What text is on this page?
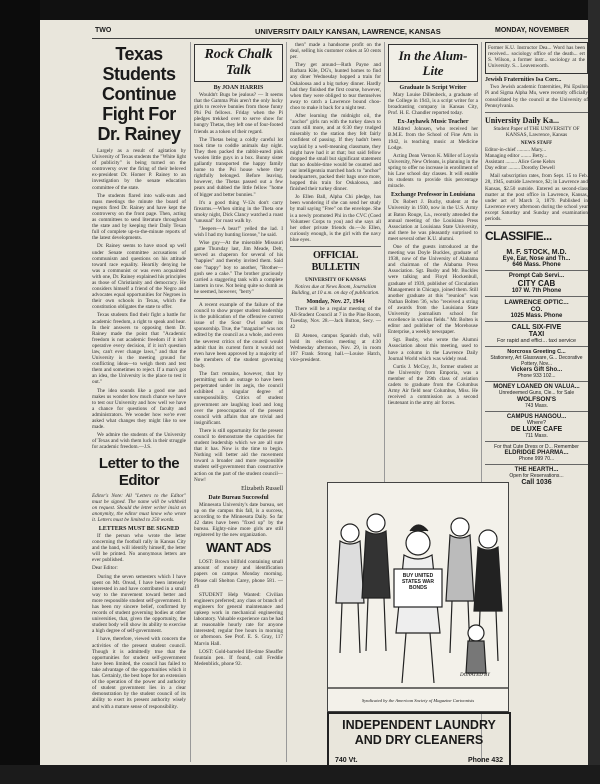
TWO	UNIVERSITY DAILY KANSAN, LAWRENCE, KANSAS	MONDAY, NOVEMBER
Texas Students Continue Fight For Dr. Rainey

Largely as a result of agitation by University of Texas students the "White light of publicity" is being turned on the controversy over the firing of their beloved ex-president Dr. Homer P. Rainey to an investigation by the senate education committee of the state.

The students flared into walk-outs and mass meetings the minute the board of regents fired Dr. Rainey and have kept the controversy on the front page. Then, acting as committees to send literature throughout the state and by keeping their Daily Texan full of complete up-to-the-minute reports of the latest developments.

Dr. Rainey seems to have stood up well under Senate committee accusations of communism and questions on his attitude toward race equality. Heartily denying he was a communist or was even acquainted with one, Dr. Rainey explained his principles as those of Christianity and democracy. He considers himself a friend of the Negro and advocates equal opportunities for Negroes in their own schools in Texas, which the constitution obligates the state to offer.

Texas students find their fight a battle for academic freedom, a right to speak and hear. In their answers to opposing them Dr. Rainey made the point that "Academic freedom is not academic freedom if it isn't operative every decision, if it isn't question law, can't ever change laws," and that the University is the meeting ground for conflicting ideas—to weigh them and test them and sometimes to reject. If a man's got an idea, the University is the place to test it out."

The idea sounds like a good one and makes us wonder how much chance we have to test our University and how well we have a chance for questions of faculty and administrators. We wonder how we're ever asked what changes they might like to see made.

We admire the students of the University of Texas and wish them luck in their struggle for academic freedom.—J.S.

Letter to the Editor

Editor's Note: All "Letters to the Editor" must be signed. The name will be withheld on request. Should the letter writer insist on anonymity, the editor must know who wrote it. Letters must be limited to 250 words.

LETTERS MUST BE SIGNED

If the person who wrote the letter concerning the football rally in Kansas City and the band, will identify himself, the letter will be printed. No anonymous letters are ever published.

Dear Editor:

During the seven semesters which I have spent on Mt. Oread, I have been intensely interested in and have contributed in a small way to the movement toward better and more responsible student self-government. It has been my sincere belief, confirmed by records of student governing bodies at other universities, that, given the opportunity, the student body will show its ability to exercise a high degree of self-government.

I have, therefore, viewed with concern the activities of the present student council. Though it is admittedly true that the opportunities for student self-government have been limited, the council has failed to take advantage of the opportunities which it has. Certainly, the best hope for an extension of the operation of the power and authority of student government lies in a clear demonstration by the student council of its ability to exert its present authority wisely and with a mature sense of responsibility.

Rock Chalk Talk
By JOAN HARRIS

Wouldn't Bugs be jealous? — It seems that the Gamma Phis aren't the only lucky girls to receive bunnies from those funny Phi Psi fellows. Friday when the Pi pledges trekked over to serve show for hungry Thetas, they left one of four-footed friends as a token of their regard.

The Thetas being a coldly careful lot took time to coddle animals day night. They then packed the rabbit-eared pink woolen little guys in a box. Bunny sister gallantly transported the happy family home to the Psi house where they rightfully belonged. Before leaving, however, the Thetas passed out a few pears and dubbed the little fellow "home of bigger and better bunnies."

It's a good thing V-12s don't carry firearms.—When sitting in the Theta one smoky night, Dick Clancy watched a roast "unusual" for roast walk by.

"Jeepers—A bear!" yelled the lad. I wish I had my hunting license," he said.

Wise guy—At the miserable Missouri game Thursday last, Jim Meade, Delt, served as chaperon for several of his "happies" and thereby invited them. Said one "happy" boy to another, "Brother—gosh see a cake." The brother graciously carried a staggering tank with a complete lantern in tow. Not being quite so dumb as he seemed, however, "berry"

A recent example of the failure of the council to show proper student leadership is the publication of the offensive current issue of the Sour Owl under its sponsorship. True, the "magazine" was not edited by the council as a whole, and even the severest critics of the council would admit that its current form it would not even have been approved by a majority of the members of the student governing body.

The fact remains, however, that by permitting such an outrage to have been perpetrated under its aegis, the council exhibited a singular degree of unresponsibility. Critics of student government are laughing loud and long over the preoccupation of the present council with affairs that are trivial and insignificant.

There is still opportunity for the present council to demonstrate the capacities for student leadership which we are all sure that it has. Now is the time to begin. Nothing will better aid the movement toward a broader and more responsible student self-government than constructive action on the part of the student council—Now!

Elizabeth Russell
Date Bureau Successful

Minnesota University's date bureau, set up on the campus this fall, is a success, according to the Minnesota Daily. So far 42 dates have been "fixed up" by the bureau. Eighty-nine more girls are still registered by the new organization.

WANT ADS

LOST: Brown billfold containing small amount of money and identification papers on campus Monday morning. Please call Shelton Carey, phone 581. —49

STUDENT Help Wanted: Civilian engineers preferred; any class or branch of engineers for general maintenance and upkeep work in mechanical engineering laboratory. Valuable experience can be had at reasonable hourly rate for anyone interested; regular free hours in morning or afternoon. See Prof. E. S. Gray, 117 Marvin Hall.

LOST: Gold-barreled life-time Sheaffer fountain pen. If found, call Freddie Medenblick, phone 92.

then" made a handsome profit on the deal, selling his customer cokes at 50 cents per.

They get around—Ruth Payne and Barbara Kile, DG's, hunted homes to find any diner Wednesday hopped a train for Oskaloosa and a big turkey dinner. Hardly had they finished the first course, however, when they were obliged to tear themselves away to catch a Lawrence bound choo-choo to make it back for a night test.

After learning the midnight oil, the "anchor" girls ran with the turkey dawn to cram still more, and at 6:30 they trudged miserably to the station they felt fairly confident of passing. If they hadn't been waylaid by a well-meaning classmate, they might have had it at that; but said fellow dropped the small but significant statement that no double-time would be counted and our intelligentsia marched back to "anchor" headquarters, packed their bags once more, hopped this train for Oskaloosa, and finished their turkey dinner.

Jo Ellen Ball, Alpha Chi pledge, has been wondering if she can send her study by mail saying "Free" on the envelope. She is a newly promoted Phi in the CVC (Coed Volunteer Corps to you) and she says all her other private friends do.—Jo Ellen, curiously enough, is the girl with the navy blue eyes.

OFFICIAL BULLETIN
UNIVERSITY OF KANSAS

Notices due at News Room, Journalism Building, at 10 a.m. on day of publication.

Monday, Nov. 27, 1944

There will be a regular meeting of the All-Student Council at 7 in the Pine Room, Tuesday, Nov. 28.—Jack Button, Secy. —42

El Ateneo, campus Spanish club, will hold its election meeting at 4:30 Wednesday afternoon, Nov. 29, in room 107 Frank Strong hall.—Louise Hatch, vice-president.

In the Alum-Lite
Graduate Is Script Writer

Mary Louise Dillenbeck, a graduate of the College in 1943, is a script writer for a broadcasting company in Kansas City, Prof. H. E. Chandler reported today.

Ex-Jayhawk Music Teacher

Mildred Johnsen, who received her B.M.E. from the School of Fine Arts in 1942, is teaching music at Medicine Lodge.

Acting Dean Vernon K. Miller of Loyola University, New Orleans, is planning in the spring to offer no increase in enrollment of his Law school day classes. It will enable its students to provide this percentage miracle.

Exchange Professor in Louisiana

Dr. Robert J. Buchy, student at the University in 1930, now in the U.S. Army at Baton Rouge, La., recently attended the annual meeting of the Louisiana Press Association at Louisiana State University, and there he was pleasantly surprised to meet several other K.U. alumni.

One of the guests introduced at the meeting was Doyle Buckles, graduate of 1938, now of the University of Alabama and chairman of the Alabama Press Association. Sgt. Busby and Mr. Buckles were talking and Floyd Hockenbull, graduate of 1939, publisher of Circulation Management in Chicago, joined them. Still another graduate at this "reunion" was Nathan Bolten '36, who "received a string of awards from the Louisiana State University journalism school for excellence in various fields." Mr. Bolten is editor and publisher of the Morehouse Enterprise, a weekly newspaper.

Sgt. Busby, who wrote the Alumni Association about this meeting, used to have a column in the Lawrence Daily Journal World which was widely read.

Curtis J. McCoy, Jr., former student at the University from Emporia, was a member of the 29th class of aviation cadets to graduate from the Columbus Army Air field near Columbus, Miss. He received a commission as a second lieutenant in the army air forces.

Former K.U. Instructor Dea... Word has been received... sociology office of the death... ert S. Wilson, a former instr... sociology at the University. S... Leavenworth.

Jewish Fraternities Isa Corr...

Two Jewish academic fraternities, Phi Epsilon Pi and Sigma Alpha Mu, were recently officially consolidated by the council at the University of Pennsylvania.

University Daily Ka...

Student Paper of THE UNIVERSITY OF KANSAS, Lawrence, Kansas

NEWS STAFF

Editor-in-chief .......... Mary...

Managing editor ........ Betty...

Assistant ......... Alice Gene Kehrs

Day editor ......... Dorothy Dewell

Mail subscription rates, from Sept. 15 to Feb. 28, 1945, outside Lawrence, $2; in Lawrence and Kansas, $2.50 outside. Entered as second-class matter at the post office in Lawrence, Kansas, under act of March 3, 1879. Published in Lawrence every afternoon during the school year except Saturday and Sunday and examination periods.

CLASSIFIE...
M. F. STOCK, M.D.
Eye, Ear, Nose and Th...
646 Mass. Phone
Prompt Cab Servi...
CITY CAB
107 W. 7th Phone
LAWRENCE OPTIC...
CO.
1025 Mass. Phone
CALL SIX-FIVE
TAXI
For rapid and effici... taxi service
Norcross Greeting C...
Stationery, Art Glassware, G... Decorative Pottery, Nov...
Vickers Gift Sho...
Phone 933 102...
MONEY LOANED ON VALUA...
Unredeemed Guns, Cle... for Sale
WOLFSON'S
743 Mass.
CAMPUS HANGOU...
Where?
DE LUXE CAFE
711 Mass.
For that Cute Dress or D... Remember
ELDRIDGE PHARMA...
Phone 999 70...
THE HEARTH...
Open for Reservations...
Call 1036
BUY UNITED STATES WAR BONDS
DONATED BY
Syndicated by the American Society of Magazine Cartoonists
INDEPENDENT LAUNDRY
AND DRY CLEANERS
740 Vt.	Phone 432
